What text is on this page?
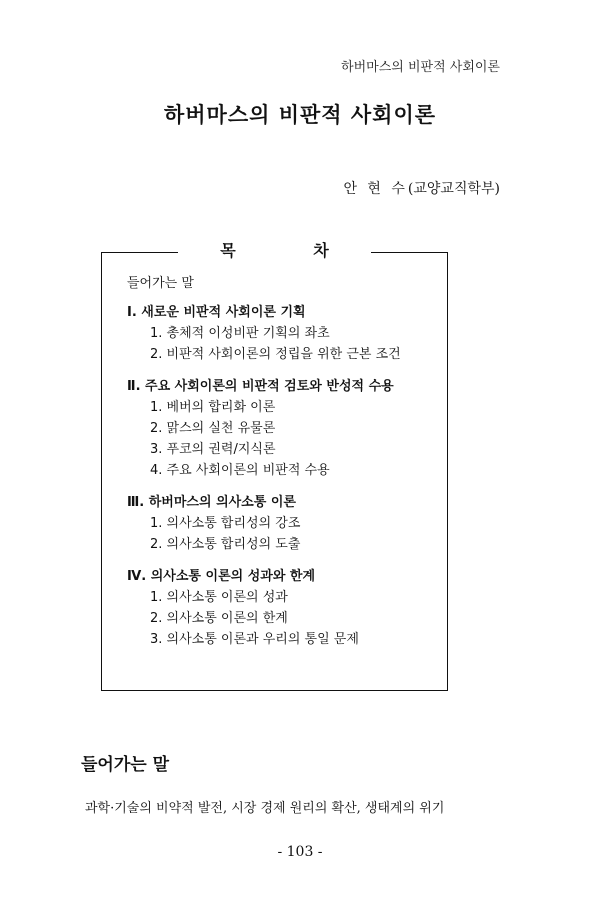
하버마스의 비판적 사회이론
하버마스의 비판적 사회이론
안 현 수(교양교직학부)
목 차
들어가는 말
Ⅰ. 새로운 비판적 사회이론 기획
1. 총체적 이성비판 기획의 좌초
2. 비판적 사회이론의 정립을 위한 근본 조건
Ⅱ. 주요 사회이론의 비판적 검토와 반성적 수용
1. 베버의 합리화 이론
2. 맑스의 실천 유물론
3. 푸코의 권력/지식론
4. 주요 사회이론의 비판적 수용
Ⅲ. 하버마스의 의사소통 이론
1. 의사소통 합리성의 강조
2. 의사소통 합리성의 도출
Ⅳ. 의사소통 이론의 성과와 한계
1. 의사소통 이론의 성과
2. 의사소통 이론의 한계
3. 의사소통 이론과 우리의 통일 문제
들어가는 말
과학·기술의 비약적 발전, 시장 경제 원리의 확산, 생태계의 위기
- 103 -
